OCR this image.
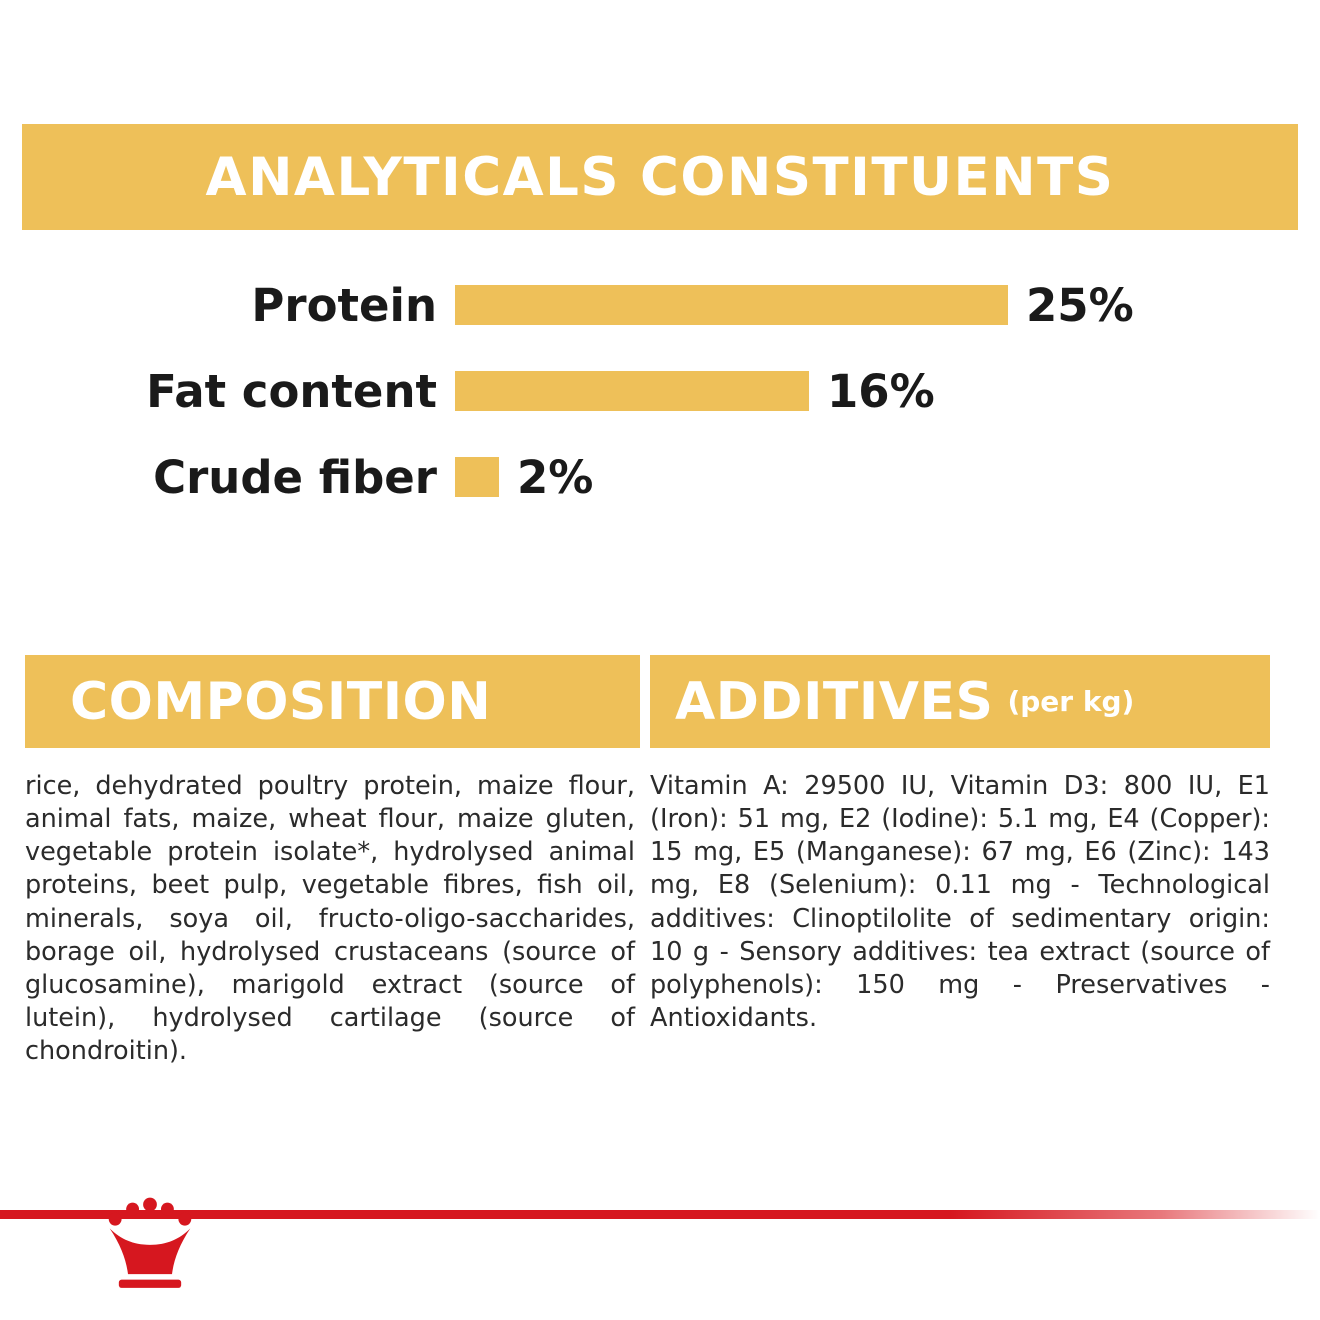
ANALYTICALS CONSTITUENTS
Protein	25%
Fat content	16%
Crude fiber	2%
COMPOSITION
rice, dehydrated poultry protein, maize flour, animal fats, maize, wheat flour, maize gluten, vegetable protein isolate*, hydrolysed animal proteins, beet pulp, vegetable fibres, fish oil, minerals, soya oil, fructo-oligo-saccharides, borage oil, hydrolysed crustaceans (source of glucosamine), marigold extract (source of lutein), hydrolysed cartilage (source of chondroitin).
ADDITIVES (per kg)
Vitamin A: 29500 IU, Vitamin D3: 800 IU, E1 (Iron): 51 mg, E2 (Iodine): 5.1 mg, E4 (Copper): 15 mg, E5 (Manganese): 67 mg, E6 (Zinc): 143 mg, E8 (Selenium): 0.11 mg - Technological additives: Clinoptilolite of sedimentary origin: 10 g - Sensory additives: tea extract (source of polyphenols): 150 mg - Preservatives - Antioxidants.
